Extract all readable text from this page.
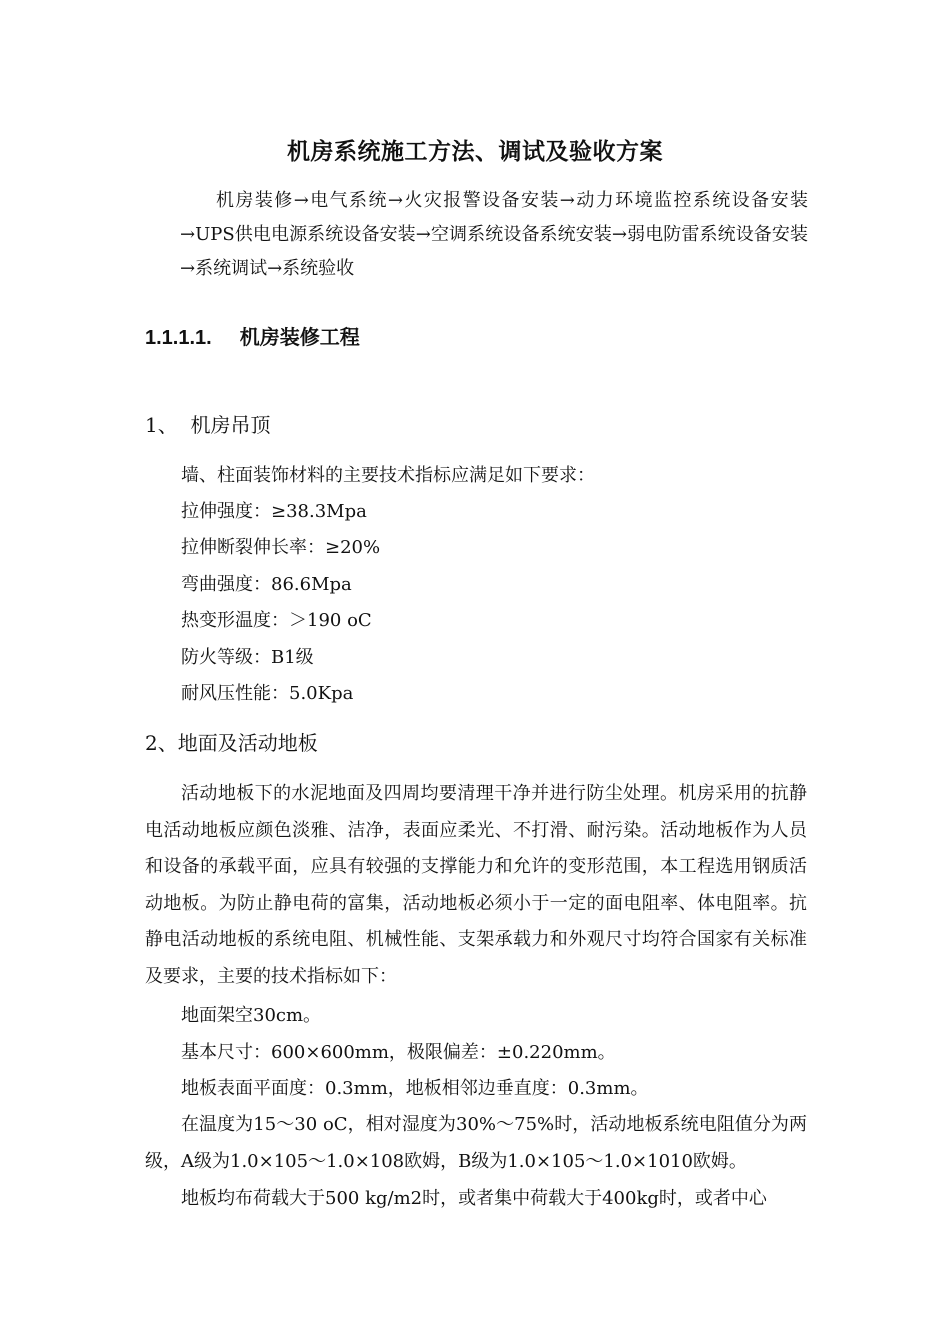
机房系统施工方法、调试及验收方案
机房装修→电气系统→火灾报警设备安装→动力环境监控系统设备安装→UPS供电电源系统设备安装→空调系统设备系统安装→弱电防雷系统设备安装→系统调试→系统验收
1.1.1.1. 机房装修工程
1、  机房吊顶
墙、柱面装饰材料的主要技术指标应满足如下要求：
拉伸强度：≥38.3Mpa
拉伸断裂伸长率：≥20%
弯曲强度：86.6Mpa
热变形温度：＞190 oC
防火等级：B1级
耐风压性能：5.0Kpa
2、地面及活动地板
活动地板下的水泥地面及四周均要清理干净并进行防尘处理。机房采用的抗静电活动地板应颜色淡雅、洁净，表面应柔光、不打滑、耐污染。活动地板作为人员和设备的承载平面，应具有较强的支撑能力和允许的变形范围，本工程选用钢质活动地板。为防止静电荷的富集，活动地板必须小于一定的面电阻率、体电阻率。抗静电活动地板的系统电阻、机械性能、支架承载力和外观尺寸均符合国家有关标准及要求，主要的技术指标如下：
地面架空30cm。
基本尺寸：600×600mm，极限偏差：±0.220mm。
地板表面平面度：0.3mm，地板相邻边垂直度：0.3mm。
在温度为15～30 oC，相对湿度为30%～75%时，活动地板系统电阻值分为两级，A级为1.0×105～1.0×108欧姆，B级为1.0×105～1.0×1010欧姆。
地板均布荷载大于500 kg/m2时，或者集中荷载大于400kg时，或者中心
